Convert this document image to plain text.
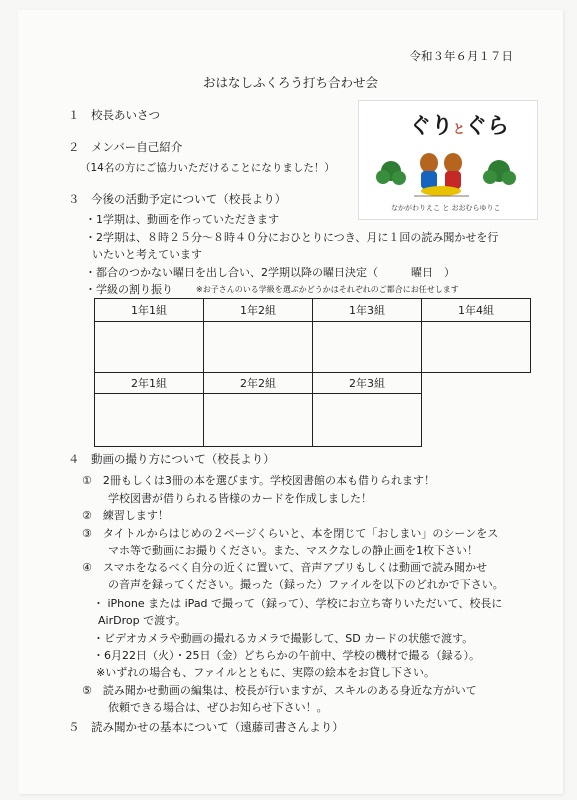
令和３年６月１７日
おはなしふくろう打ち合わせ会
ぐりとぐら
なかがわりえこ と おおむらゆりこ
１　校長あいさつ
２　メンバー自己紹介
（14名の方にご協力いただけることになりました！）
３　今後の活動予定について（校長より）
・1学期は、動画を作っていただきます
・2学期は、８時２５分～８時４０分におひとりにつき、月に１回の読み聞かせを行
いたいと考えています
・都合のつかない曜日を出し合い、2学期以降の曜日決定（　　　曜日　）
・学級の割り振り	※お子さんのいる学級を選ぶかどうかはそれぞれのご都合にお任せします
1年1組	1年2組	1年3組	1年4組

2年1組	2年2組	2年3組	

４　動画の撮り方について（校長より）
①　2冊もしくは3冊の本を選びます。学校図書館の本も借りられます！
学校図書が借りられる皆様のカードを作成しました！
②　練習します！
③　タイトルからはじめの２ページくらいと、本を閉じて「おしまい」のシーンをス
マホ等で動画にお撮りください。また、マスクなしの静止画を1枚下さい！
④　スマホをなるべく自分の近くに置いて、音声アプリもしくは動画で読み聞かせ
の音声を録ってください。撮った（録った）ファイルを以下のどれかで下さい。
・ iPhone または iPad で撮って（録って）、学校にお立ち寄りいただいて、校長に
AirDrop で渡す。
・ビデオカメラや動画の撮れるカメラで撮影して、SD カードの状態で渡す。
・6月22日（火）・25日（金）どちらかの午前中、学校の機材で撮る（録る）。
※いずれの場合も、ファイルとともに、実際の絵本をお貸し下さい。
⑤　読み聞かせ動画の編集は、校長が行いますが、スキルのある身近な方がいて
依頼できる場合は、ぜひお知らせ下さい！。
５　読み聞かせの基本について（遠藤司書さんより）
